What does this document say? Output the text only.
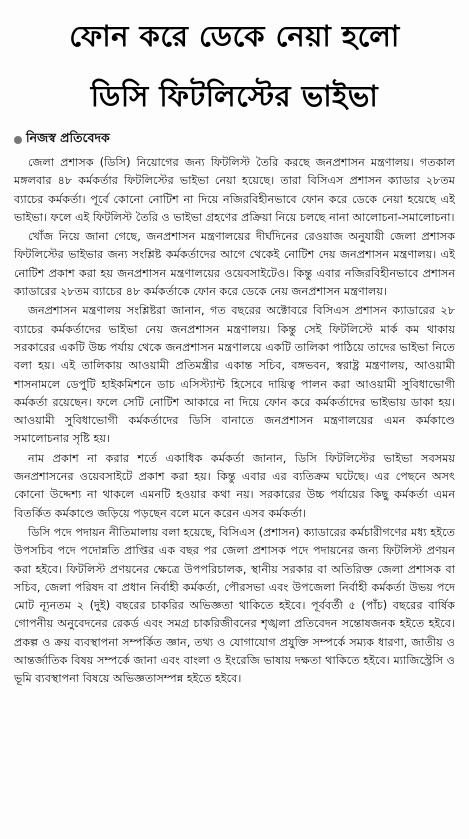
ফোন করে ডেকে নেয়া হলো
ডিসি ফিটলিস্টের ভাইভা
নিজস্ব প্রতিবেদক

জেলা প্রশাসক (ডিসি) নিয়োগের জন্য ফিটলিস্ট তৈরি করছে জনপ্রশাসন মন্ত্রণালয়। গতকাল মঙ্গলবার ৪৮ কর্মকর্তার ফিটলিস্টের ভাইভা নেয়া হয়েছে। তারা বিসিএস প্রশাসন ক্যাডার ২৮তম ব্যাচের কর্মকর্তা। পূর্বে কোনো নোটিশ না দিয়ে নজিরবিহীনভাবে ফোন করে ডেকে নেয়া হয়েছে এই ভাইভা। ফলে এই ফিটলিস্ট তৈরি ও ভাইভা গ্রহণের প্রক্রিয়া নিয়ে চলছে নানা আলোচনা-সমালোচনা।

খোঁজ নিয়ে জানা গেছে, জনপ্রশাসন মন্ত্রণালয়ের দীর্ঘদিনের রেওয়াজ অনুযায়ী জেলা প্রশাসক ফিটলিস্টের ভাইভার জন্য সংশ্লিষ্ট কর্মকর্তাদের আগে থেকেই নোটিশ দেয় জনপ্রশাসন মন্ত্রণালয়। এই নোটিশ প্রকাশ করা হয় জনপ্রশাসন মন্ত্রণালয়ের ওয়েবসাইটেও। কিন্তু এবার নজিরবিহীনভাবে প্রশাসন ক্যাডারের ২৮তম ব্যাচের ৪৮ কর্মকর্তাকে ফোন করে ডেকে নেয় জনপ্রশাসন মন্ত্রণালয়।

জনপ্রশাসন মন্ত্রণালয় সংশ্লিষ্টরা জানান, গত বছরের অক্টোবরে বিসিএস প্রশাসন ক্যাডারের ২৮ ব্যাচের কর্মকর্তাদের ভাইভা নেয় জনপ্রশাসন মন্ত্রণালয়। কিন্তু সেই ফিটলিস্টে মার্ক কম থাকায় সরকারের একটি উচ্চ পর্যায় থেকে জনপ্রশাসন মন্ত্রণালয়ে একটি তালিকা পাঠিয়ে তাদের ভাইভা নিতে বলা হয়। এই তালিকায় আওয়ামী প্রতিমন্ত্রীর একান্ত সচিব, বঙ্গভবন, স্বরাষ্ট্র মন্ত্রণালয়, আওয়ামী শাসনামলে ডেপুটি হাইকমিশনে ডাচ এসিস্ট্যান্ট হিসেবে দায়িত্ব পালন করা আওয়ামী সুবিধাভোগী কর্মকর্তা রয়েছেন। ফলে সেটি নোটিশ আকারে না দিয়ে ফোন করে কর্মকর্তাদের ভাইভায় ডাকা হয়। আওয়ামী সুবিধাভোগী কর্মকর্তাদের ডিসি বানাতে জনপ্রশাসন মন্ত্রণালয়ের এমন কর্মকাণ্ডে সমালোচনার সৃষ্টি হয়।

নাম প্রকাশ না করার শর্তে একাধিক কর্মকর্তা জানান, ডিসি ফিটলিস্টের ভাইভা সবসময় জনপ্রশাসনের ওয়েবসাইটে প্রকাশ করা হয়। কিন্তু এবার এর ব্যতিক্রম ঘটেছে। এর পেছনে অসৎ কোনো উদ্দেশ্য না থাকলে এমনটি হওয়ার কথা নয়। সরকারের উচ্চ পর্যায়ের কিছু কর্মকর্তা এমন বিতর্কিত কর্মকাণ্ডে জড়িয়ে পড়ছেন বলে মনে করেন এসব কর্মকর্তা।

ডিসি পদে পদায়ন নীতিমালায় বলা হয়েছে, বিসিএস (প্রশাসন) ক্যাডারের কর্মচারীগণের মধ্য হইতে উপসচিব পদে পদোন্নতি প্রাপ্তির এক বছর পর জেলা প্রশাসক পদে পদায়নের জন্য ফিটলিস্ট প্রণয়ন করা হইবে। ফিটলিস্ট প্রণয়নের ক্ষেত্রে উপপরিচালক, স্থানীয় সরকার বা অতিরিক্ত জেলা প্রশাসক বা সচিব, জেলা পরিষদ বা প্রধান নির্বাহী কর্মকর্তা, পৌরসভা এবং উপজেলা নির্বাহী কর্মকর্তা উভয় পদে মোট ন্যূনতম ২ (দুই) বছরের চাকরির অভিজ্ঞতা থাকিতে হইবে। পূর্ববর্তী ৫ (পাঁচ) বছরের বার্ষিক গোপনীয় অনুবেদনের রেকর্ড এবং সমগ্র চাকরিজীবনের শৃঙ্খলা প্রতিবেদন সন্তোষজনক হইতে হইবে। প্রকল্প ও ক্রয় ব্যবস্থাপনা সম্পর্কিত জ্ঞান, তথ্য ও যোগাযোগ প্রযুক্তি সম্পর্কে সম্যক ধারণা, জাতীয় ও আন্তর্জাতিক বিষয় সম্পর্কে জানা এবং বাংলা ও ইংরেজি ভাষায় দক্ষতা থাকিতে হইবে। ম্যাজিস্ট্রেসি ও ভূমি ব্যবস্থাপনা বিষয়ে অভিজ্ঞতাসম্পন্ন হইতে হইবে।
